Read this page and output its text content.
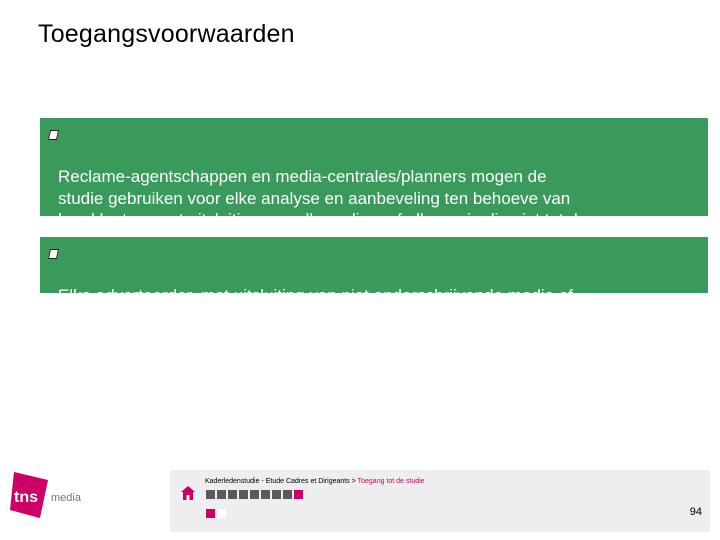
Toegangsvoorwaarden

Reclame-agentschappen en media-centrales/planners mogen de
studie gebruiken voor elke analyse en aanbeveling ten behoeve van
hun klanten, met uitsluiting van elk medium of elke regie die niet tot de

Elke adverteerder, met uitsluiting van niet onderschrijvende media of
reclame-regies, kan voor eigen gebruik de studie benutten.

tns media
Kaderledenstudie - Etude Cadres et Dirigeants > Toegang tot de studie
94
